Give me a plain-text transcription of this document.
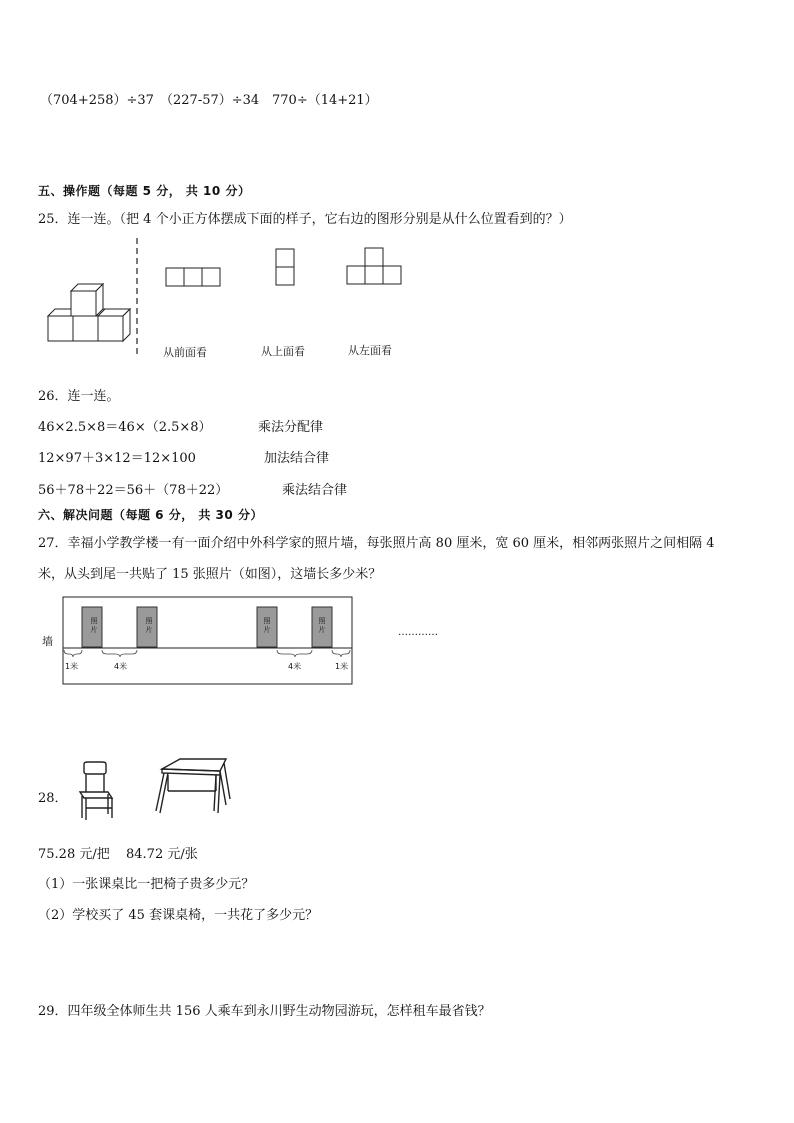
（704+258）÷37 （227-57）÷34 770÷（14+21）
五、操作题（每题 5 分， 共 10 分）
25．连一连。（把 4 个小正方体摆成下面的样子，它右边的图形分别是从什么位置看到的？）
从前面看	从上面看	从左面看
26．连一连。
46×2.5×8＝46×（2.5×8）	乘法分配律
12×97＋3×12＝12×100	加法结合律
56＋78＋22＝56＋（78＋22）	乘法结合律
六、解决问题（每题 6 分， 共 30 分）
27．幸福小学教学楼一有一面介绍中外科学家的照片墙，每张照片高 80 厘米，宽 60 厘米，相邻两张照片之间相隔 4
米，从头到尾一共贴了 15 张照片（如图），这墙长多少米？
墙
照
片
照
片
照
片
照
片
1米	4米	4米	1米
…………
28．
75.28 元/把 84.72 元/张
（1）一张课桌比一把椅子贵多少元？
（2）学校买了 45 套课桌椅，一共花了多少元？
29．四年级全体师生共 156 人乘车到永川野生动物园游玩，怎样租车最省钱？
